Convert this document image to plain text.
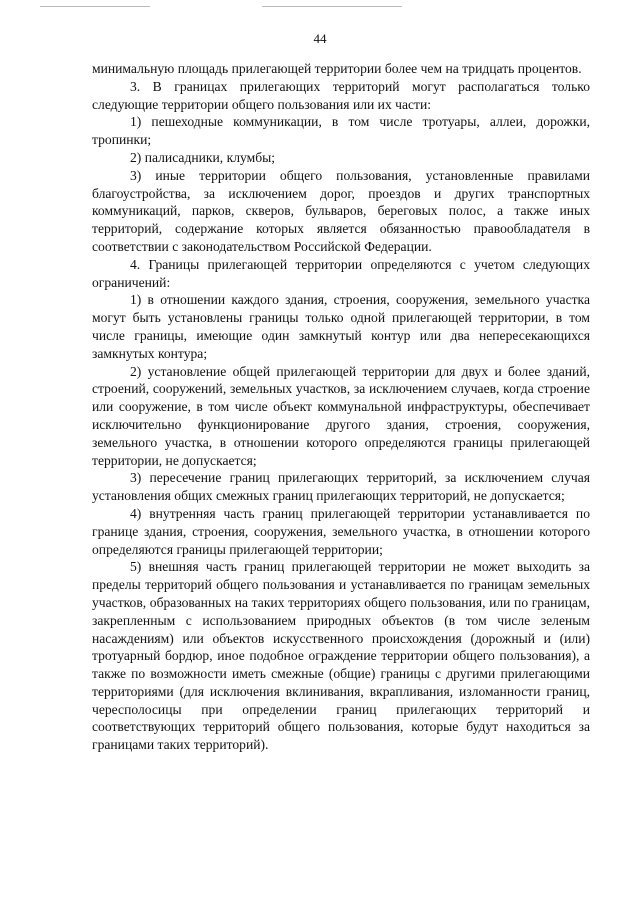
44

минимальную площадь прилегающей территории более чем на тридцать процентов.

3. В границах прилегающих территорий могут располагаться только следующие территории общего пользования или их части:

1) пешеходные коммуникации, в том числе тротуары, аллеи, дорожки, тропинки;

2) палисадники, клумбы;

3) иные территории общего пользования, установленные правилами благоустройства, за исключением дорог, проездов и других транспортных коммуникаций, парков, скверов, бульваров, береговых полос, а также иных территорий, содержание которых является обязанностью правообладателя в соответствии с законодательством Российской Федерации.

4. Границы прилегающей территории определяются с учетом следующих ограничений:

1) в отношении каждого здания, строения, сооружения, земельного участка могут быть установлены границы только одной прилегающей территории, в том числе границы, имеющие один замкнутый контур или два непересекающихся замкнутых контура;

2) установление общей прилегающей территории для двух и более зданий, строений, сооружений, земельных участков, за исключением случаев, когда строение или сооружение, в том числе объект коммунальной инфраструктуры, обеспечивает исключительно функционирование другого здания, строения, сооружения, земельного участка, в отношении которого определяются границы прилегающей территории, не допускается;

3) пересечение границ прилегающих территорий, за исключением случая установления общих смежных границ прилегающих территорий, не допускается;

4) внутренняя часть границ прилегающей территории устанавливается по границе здания, строения, сооружения, земельного участка, в отношении которого определяются границы прилегающей территории;

5) внешняя часть границ прилегающей территории не может выходить за пределы территорий общего пользования и устанавливается по границам земельных участков, образованных на таких территориях общего пользования, или по границам, закрепленным с использованием природных объектов (в том числе зеленым насаждениям) или объектов искусственного происхождения (дорожный и (или) тротуарный бордюр, иное подобное ограждение территории общего пользования), а также по возможности иметь смежные (общие) границы с другими прилегающими территориями (для исключения вклинивания, вкрапливания, изломанности границ, чересполосицы при определении границ прилегающих территорий и соответствующих территорий общего пользования, которые будут находиться за границами таких территорий).
